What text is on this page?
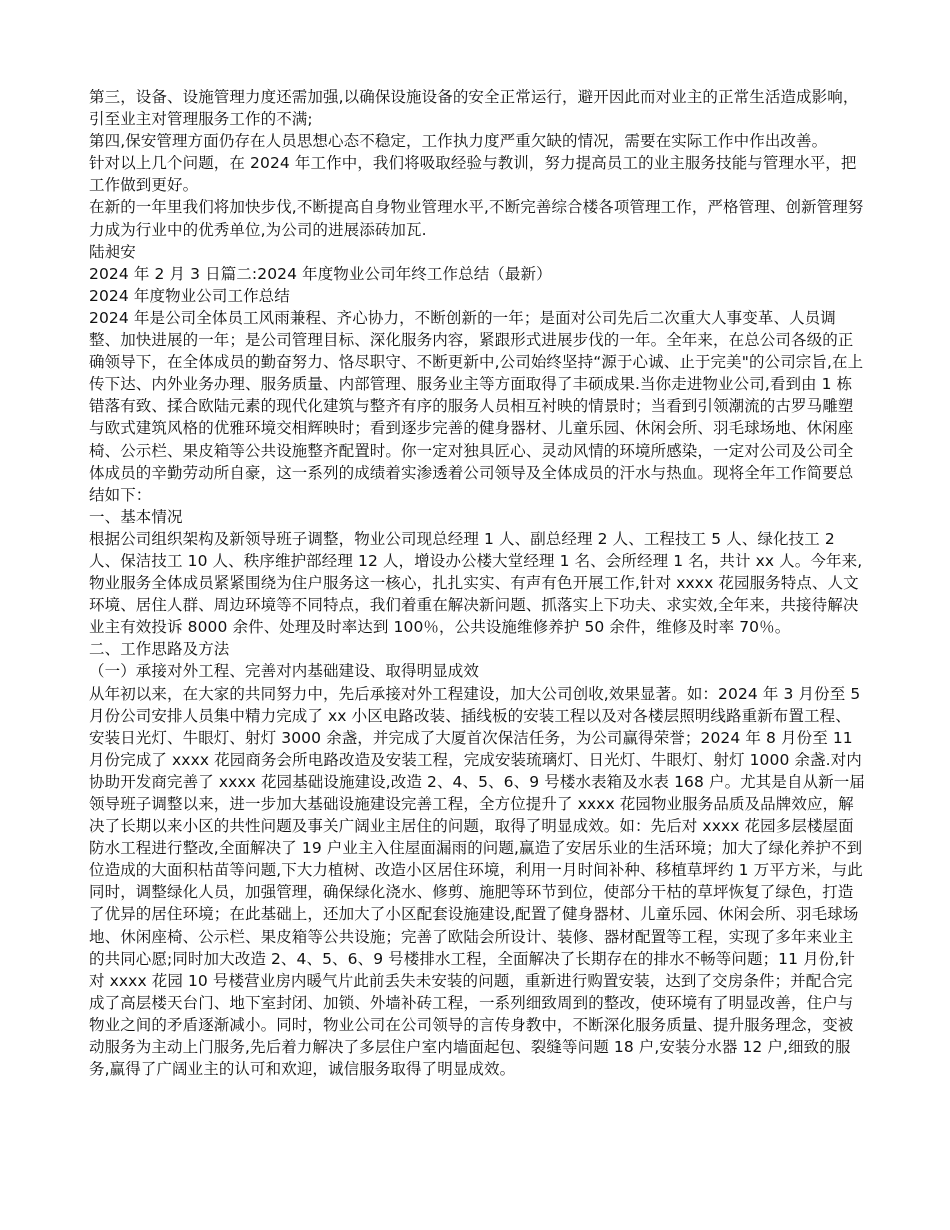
第三，设备、设施管理力度还需加强,以确保设施设备的安全正常运行，避开因此而对业主的正常生活造成影响，引至业主对管理服务工作的不满;

第四,保安管理方面仍存在人员思想心态不稳定，工作执力度严重欠缺的情况，需要在实际工作中作出改善。

针对以上几个问题，在 2024 年工作中，我们将吸取经验与教训，努力提高员工的业主服务技能与管理水平，把工作做到更好。

在新的一年里我们将加快步伐,不断提高自身物业管理水平,不断完善综合楼各项管理工作，严格管理、创新管理努力成为行业中的优秀单位,为公司的进展添砖加瓦.

陆昶安

2024 年 2 月 3 日篇二:2024 年度物业公司年终工作总结（最新）

2024 年度物业公司工作总结

2024 年是公司全体员工风雨兼程、齐心协力，不断创新的一年；是面对公司先后二次重大人事变革、人员调整、加快进展的一年；是公司管理目标、深化服务内容，紧跟形式进展步伐的一年。全年来，在总公司各级的正确领导下，在全体成员的勤奋努力、恪尽职守、不断更新中,公司始终坚持“源于心诚、止于完美"的公司宗旨,在上传下达、内外业务办理、服务质量、内部管理、服务业主等方面取得了丰硕成果.当你走进物业公司,看到由 1 栋错落有致、揉合欧陆元素的现代化建筑与整齐有序的服务人员相互衬映的情景时；当看到引领潮流的古罗马雕塑与欧式建筑风格的优雅环境交相辉映时；看到逐步完善的健身器材、儿童乐园、休闲会所、羽毛球场地、休闲座椅、公示栏、果皮箱等公共设施整齐配置时。你一定对独具匠心、灵动风情的环境所感染，一定对公司及公司全体成员的辛勤劳动所自豪，这一系列的成绩着实渗透着公司领导及全体成员的汗水与热血。现将全年工作简要总结如下：

一、基本情况

根据公司组织架构及新领导班子调整，物业公司现总经理 1 人、副总经理 2 人、工程技工 5 人、绿化技工 2 人、保洁技工 10 人、秩序维护部经理 12 人，增设办公楼大堂经理 1 名、会所经理 1 名，共计 xx 人。今年来,物业服务全体成员紧紧围绕为住户服务这一核心，扎扎实实、有声有色开展工作,针对 xxxx 花园服务特点、人文环境、居住人群、周边环境等不同特点，我们着重在解决新问题、抓落实上下功夫、求实效,全年来，共接待解决业主有效投诉 8000 余件、处理及时率达到 100％，公共设施维修养护 50 余件，维修及时率 70％。

二、工作思路及方法

（一）承接对外工程、完善对内基础建设、取得明显成效

从年初以来，在大家的共同努力中，先后承接对外工程建设，加大公司创收,效果显著。如：2024 年 3 月份至 5 月份公司安排人员集中精力完成了 xx 小区电路改装、插线板的安装工程以及对各楼层照明线路重新布置工程、安装日光灯、牛眼灯、射灯 3000 余盏，并完成了大厦首次保洁任务，为公司赢得荣誉；2024 年 8 月份至 11 月份完成了 xxxx 花园商务会所电路改造及安装工程，完成安装琉璃灯、日光灯、牛眼灯、射灯 1000 余盏.对内协助开发商完善了 xxxx 花园基础设施建设,改造 2、4、5、6、9 号楼水表箱及水表 168 户。尤其是自从新一届领导班子调整以来，进一步加大基础设施建设完善工程，全方位提升了 xxxx 花园物业服务品质及品牌效应，解决了长期以来小区的共性问题及事关广阔业主居住的问题，取得了明显成效。如：先后对 xxxx 花园多层楼屋面防水工程进行整改,全面解决了 19 户业主入住屋面漏雨的问题,赢造了安居乐业的生活环境；加大了绿化养护不到位造成的大面积枯苗等问题,下大力植树、改造小区居住环境，利用一月时间补种、移植草坪约 1 万平方米，与此同时，调整绿化人员，加强管理，确保绿化浇水、修剪、施肥等环节到位，使部分干枯的草坪恢复了绿色，打造了优异的居住环境；在此基础上，还加大了小区配套设施建设,配置了健身器材、儿童乐园、休闲会所、羽毛球场地、休闲座椅、公示栏、果皮箱等公共设施；完善了欧陆会所设计、装修、器材配置等工程，实现了多年来业主的共同心愿;同时加大改造 2、4、5、6、9 号楼排水工程，全面解决了长期存在的排水不畅等问题；11 月份,针对 xxxx 花园 10 号楼营业房内暖气片此前丢失未安装的问题，重新进行购置安装，达到了交房条件；并配合完成了高层楼天台门、地下室封闭、加锁、外墙补砖工程，一系列细致周到的整改，使环境有了明显改善，住户与物业之间的矛盾逐渐减小。同时，物业公司在公司领导的言传身教中，不断深化服务质量、提升服务理念，变被动服务为主动上门服务,先后着力解决了多层住户室内墙面起包、裂缝等问题 18 户,安装分水器 12 户,细致的服务,赢得了广阔业主的认可和欢迎，诚信服务取得了明显成效。
